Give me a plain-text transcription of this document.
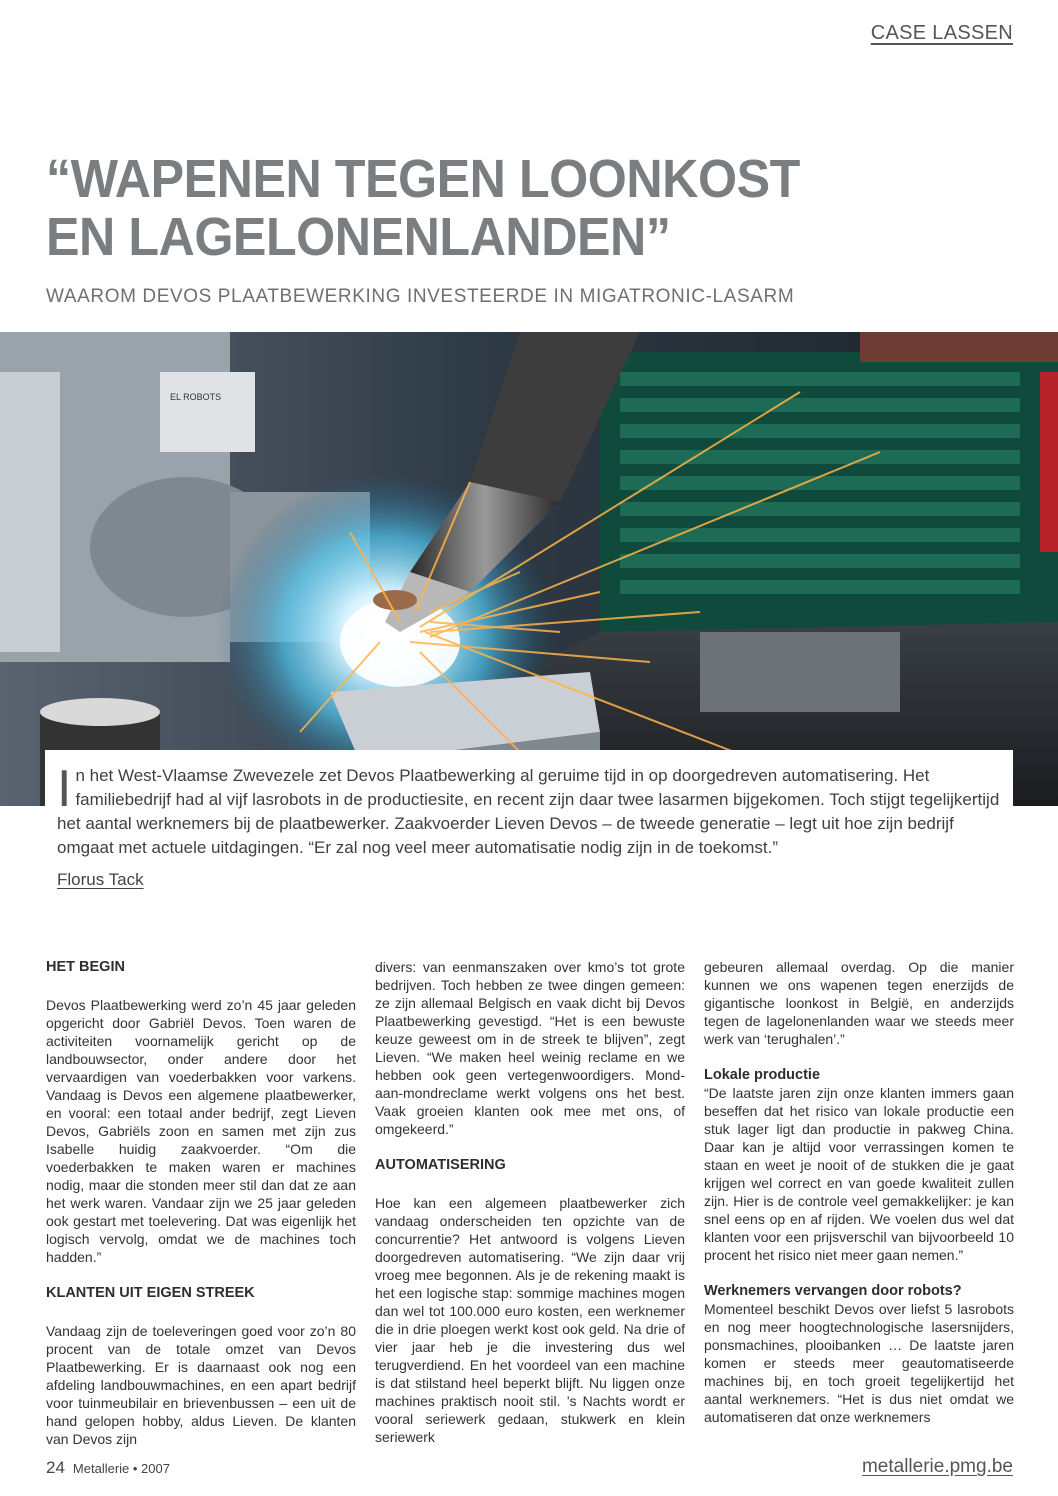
CASE LASSEN
“WAPENEN TEGEN LOONKOST
EN LAGELONENLANDEN”
WAAROM DEVOS PLAATBEWERKING INVESTEERDE IN MIGATRONIC-LASARM
EL ROBOTS

I n het West-Vlaamse Zwevezele zet Devos Plaatbewerking al geruime tijd in op doorgedreven automatisering. Het familiebedrijf had al vijf lasrobots in de productiesite, en recent zijn daar twee lasarmen bijgekomen. Toch stijgt tegelijkertijd het aantal werknemers bij de plaatbewerker. Zaakvoerder Lieven Devos – de tweede generatie – legt uit hoe zijn bedrijf omgaat met actuele uitdagingen. “Er zal nog veel meer automatisatie nodig zijn in de toekomst.”

Florus Tack
HET BEGIN

Devos Plaatbewerking werd zo’n 45 jaar geleden opgericht door Gabriël Devos. Toen waren de activiteiten voornamelijk gericht op de landbouwsector, onder andere door het vervaardigen van voederbakken voor varkens. Vandaag is Devos een algemene plaatbewerker, en vooral: een totaal ander bedrijf, zegt Lieven Devos, Gabriëls zoon en samen met zijn zus Isabelle huidig zaakvoerder. “Om die voederbakken te maken waren er machines nodig, maar die stonden meer stil dan dat ze aan het werk waren. Vandaar zijn we 25 jaar geleden ook gestart met toelevering. Dat was eigenlijk het logisch vervolg, omdat we de machines toch hadden.”

KLANTEN UIT EIGEN STREEK

Vandaag zijn de toeleveringen goed voor zo’n 80 procent van de totale omzet van Devos Plaatbewerking. Er is daarnaast ook nog een afdeling landbouwmachines, en een apart bedrijf voor tuinmeubilair en brievenbussen – een uit de hand gelopen hobby, aldus Lieven. De klanten van Devos zijn

divers: van eenmanszaken over kmo’s tot grote bedrijven. Toch hebben ze twee dingen gemeen: ze zijn allemaal Belgisch en vaak dicht bij Devos Plaatbewerking gevestigd. “Het is een bewuste keuze geweest om in de streek te blijven”, zegt Lieven. “We maken heel weinig reclame en we hebben ook geen vertegenwoordigers. Mond-aan-mondreclame werkt volgens ons het best. Vaak groeien klanten ook mee met ons, of omgekeerd.”

AUTOMATISERING

Hoe kan een algemeen plaatbewerker zich vandaag onderscheiden ten opzichte van de concurrentie? Het antwoord is volgens Lieven doorgedreven automatisering. “We zijn daar vrij vroeg mee begonnen. Als je de rekening maakt is het een logische stap: sommige machines mogen dan wel tot 100.000 euro kosten, een werknemer die in drie ploegen werkt kost ook geld. Na drie of vier jaar heb je die investering dus wel terugverdiend. En het voordeel van een machine is dat stilstand heel beperkt blijft. Nu liggen onze machines praktisch nooit stil. ’s Nachts wordt er vooral seriewerk gedaan, stukwerk en klein seriewerk

gebeuren allemaal overdag. Op die manier kunnen we ons wapenen tegen enerzijds de gigantische loonkost in België, en anderzijds tegen de lagelonenlanden waar we steeds meer werk van ‘terughalen’.”

Lokale productie

“De laatste jaren zijn onze klanten immers gaan beseffen dat het risico van lokale productie een stuk lager ligt dan productie in pakweg China. Daar kan je altijd voor verrassingen komen te staan en weet je nooit of de stukken die je gaat krijgen wel correct en van goede kwaliteit zullen zijn. Hier is de controle veel gemakkelijker: je kan snel eens op en af rijden. We voelen dus wel dat klanten voor een prijsverschil van bijvoorbeeld 10 procent het risico niet meer gaan nemen.”

Werknemers vervangen door robots?

Momenteel beschikt Devos over liefst 5 lasrobots en nog meer hoogtechnologische lasersnijders, ponsmachines, plooibanken … De laatste jaren komen er steeds meer geautomatiseerde machines bij, en toch groeit tegelijkertijd het aantal werknemers. “Het is dus niet omdat we automatiseren dat onze werknemers

24 Metallerie • 2007	metallerie.pmg.be
